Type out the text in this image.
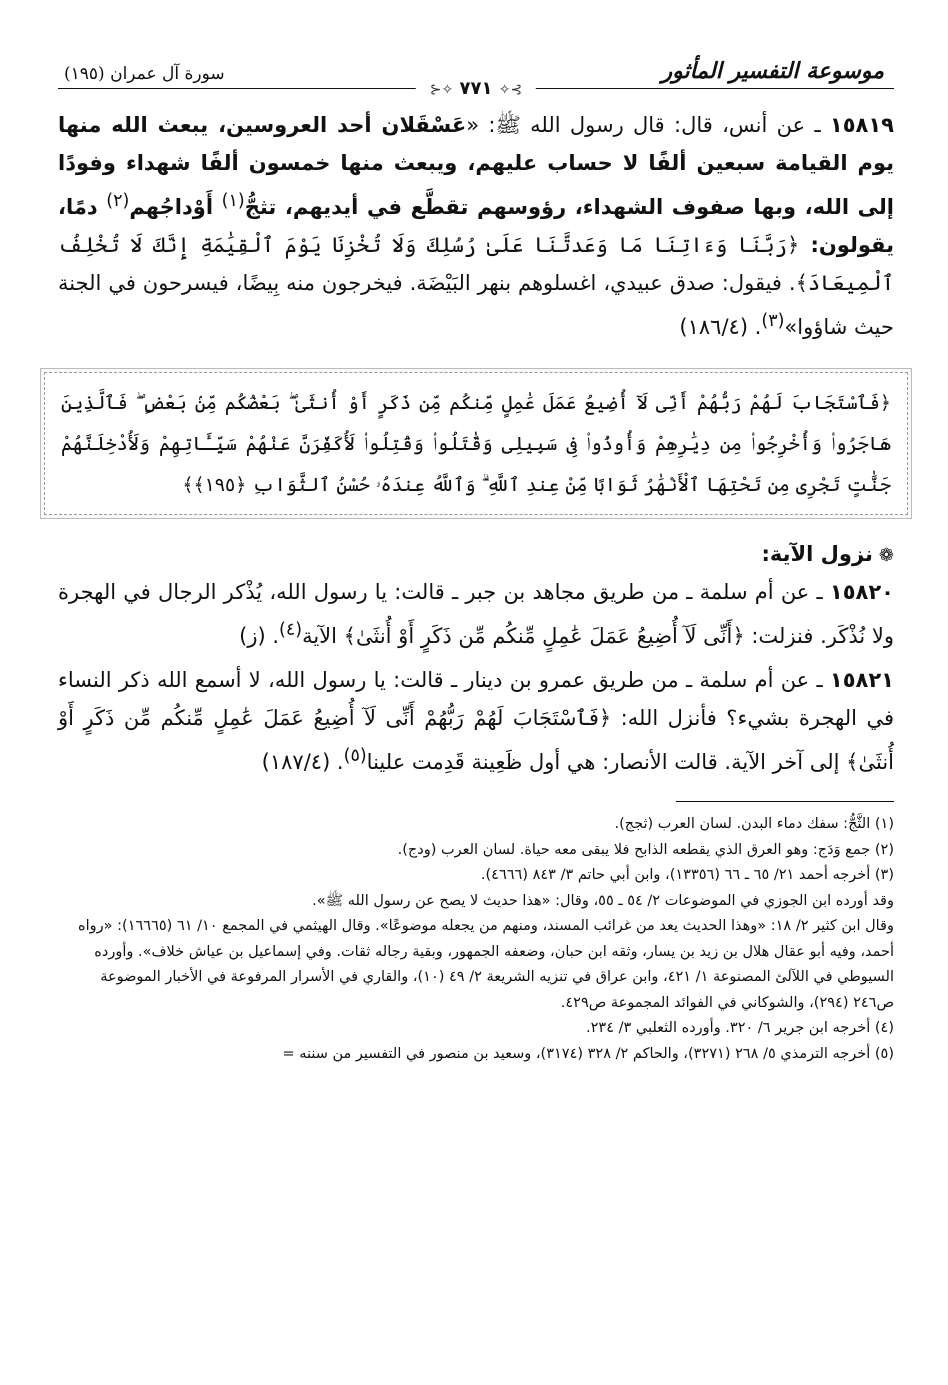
موسوعة التفسير المأثور
⊱✧ ٧٧١ ✧⊰
سورة آل عمران (١٩٥)

١٥٨١٩ ـ عن أنس، قال: قال رسول الله ﷺ: «عَسْقَلان أحد العروسين، يبعث الله منها يوم القيامة سبعين ألفًا لا حساب عليهم، ويبعث منها خمسون ألفًا شهداء وفودًا إلى الله، وبها صفوف الشهداء، رؤوسهم تقطَّع في أيديهم، تثجُّ$^{(١)}$ أَوْداجُهم$^{(٢)}$ دمًا، يقولون: ﴿رَبَّنَا وَءَاتِنَا مَا وَعَدتَّنَا عَلَىٰ رُسُلِكَ وَلَا تُخْزِنَا يَوْمَ ٱلْقِيَٰمَةِ إِنَّكَ لَا تُخْلِفُ ٱلْمِيعَادَ﴾. فيقول: صدق عبيدي، اغسلوهم بنهر البَيْضَة. فيخرجون منه بِيضًا، فيسرحون في الجنة حيث شاؤوا»$^{(٣)}$. (١٨٦/٤)

﴿فَٱسْتَجَابَ لَهُمْ رَبُّهُمْ أَنِّى لَآ أُضِيعُ عَمَلَ عَٰمِلٍ مِّنكُم مِّن ذَكَرٍ أَوْ أُنثَىٰ ۖ بَعْضُكُم مِّنۢ بَعْضٍ ۖ فَٱلَّذِينَ هَاجَرُوا۟ وَأُخْرِجُوا۟ مِن دِيَٰرِهِمْ وَأُوذُوا۟ فِى سَبِيلِى وَقَٰتَلُوا۟ وَقُتِلُوا۟ لَأُكَفِّرَنَّ عَنْهُمْ سَيِّـَٔاتِهِمْ وَلَأُدْخِلَنَّهُمْ جَنَّٰتٍ تَجْرِى مِن تَحْتِهَا ٱلْأَنْهَٰرُ ثَوَابًا مِّنْ عِندِ ٱللَّهِ ۗ وَٱللَّهُ عِندَهُۥ حُسْنُ ٱلثَّوَابِ ﴿١٩٥﴾﴾
❁نزول الآية:

١٥٨٢٠ ـ عن أم سلمة ـ من طريق مجاهد بن جبر ـ قالت: يا رسول الله، يُذْكر الرجال في الهجرة ولا نُذْكَر. فنزلت: ﴿أَنِّى لَآ أُضِيعُ عَمَلَ عَٰمِلٍ مِّنكُم مِّن ذَكَرٍ أَوْ أُنثَىٰ﴾ الآية$^{(٤)}$. (ز)

١٥٨٢١ ـ عن أم سلمة ـ من طريق عمرو بن دينار ـ قالت: يا رسول الله، لا أسمع الله ذكر النساء في الهجرة بشيء؟ فأنزل الله: ﴿فَٱسْتَجَابَ لَهُمْ رَبُّهُمْ أَنِّى لَآ أُضِيعُ عَمَلَ عَٰمِلٍ مِّنكُم مِّن ذَكَرٍ أَوْ أُنثَىٰ﴾ إلى آخر الآية. قالت الأنصار: هي أول ظَعِينة قَدِمت علينا$^{(٥)}$. (١٨٧/٤)

(١) الثَّجُّ: سفك دماء البدن. لسان العرب (ثجج).
(٢) جمع وَدَج: وهو العرق الذي يقطعه الذابح فلا يبقى معه حياة. لسان العرب (ودج).
(٣) أخرجه أحمد ٢١/ ٦٥ ـ ٦٦ (١٣٣٥٦)، وابن أبي حاتم ٣/ ٨٤٣ (٤٦٦٦).
وقد أورده ابن الجوزي في الموضوعات ٢/ ٥٤ ـ ٥٥، وقال: «هذا حديث لا يصح عن رسول الله ﷺ».
وقال ابن كثير ٢/ ١٨: «وهذا الحديث يعد من غرائب المسند، ومنهم من يجعله موضوعًا». وقال الهيثمي في المجمع ١٠/ ٦١ (١٦٦٦٥): «رواه أحمد، وفيه أبو عقال هلال بن زيد بن يسار، وثقه ابن حبان، وضعفه الجمهور، وبقية رجاله ثقات. وفي إسماعيل بن عياش خلاف». وأورده السيوطي في اللآلئ المصنوعة ١/ ٤٢١، وابن عراق في تنزيه الشريعة ٢/ ٤٩ (١٠)، والقاري في الأسرار المرفوعة في الأخبار الموضوعة ص٢٤٦ (٢٩٤)، والشوكاني في الفوائد المجموعة ص٤٢٩.
(٤) أخرجه ابن جرير ٦/ ٣٢٠. وأورده الثعلبي ٣/ ٢٣٤.
(٥) أخرجه الترمذي ٥/ ٢٦٨ (٣٢٧١)، والحاكم ٢/ ٣٢٨ (٣١٧٤)، وسعيد بن منصور في التفسير من سننه =
